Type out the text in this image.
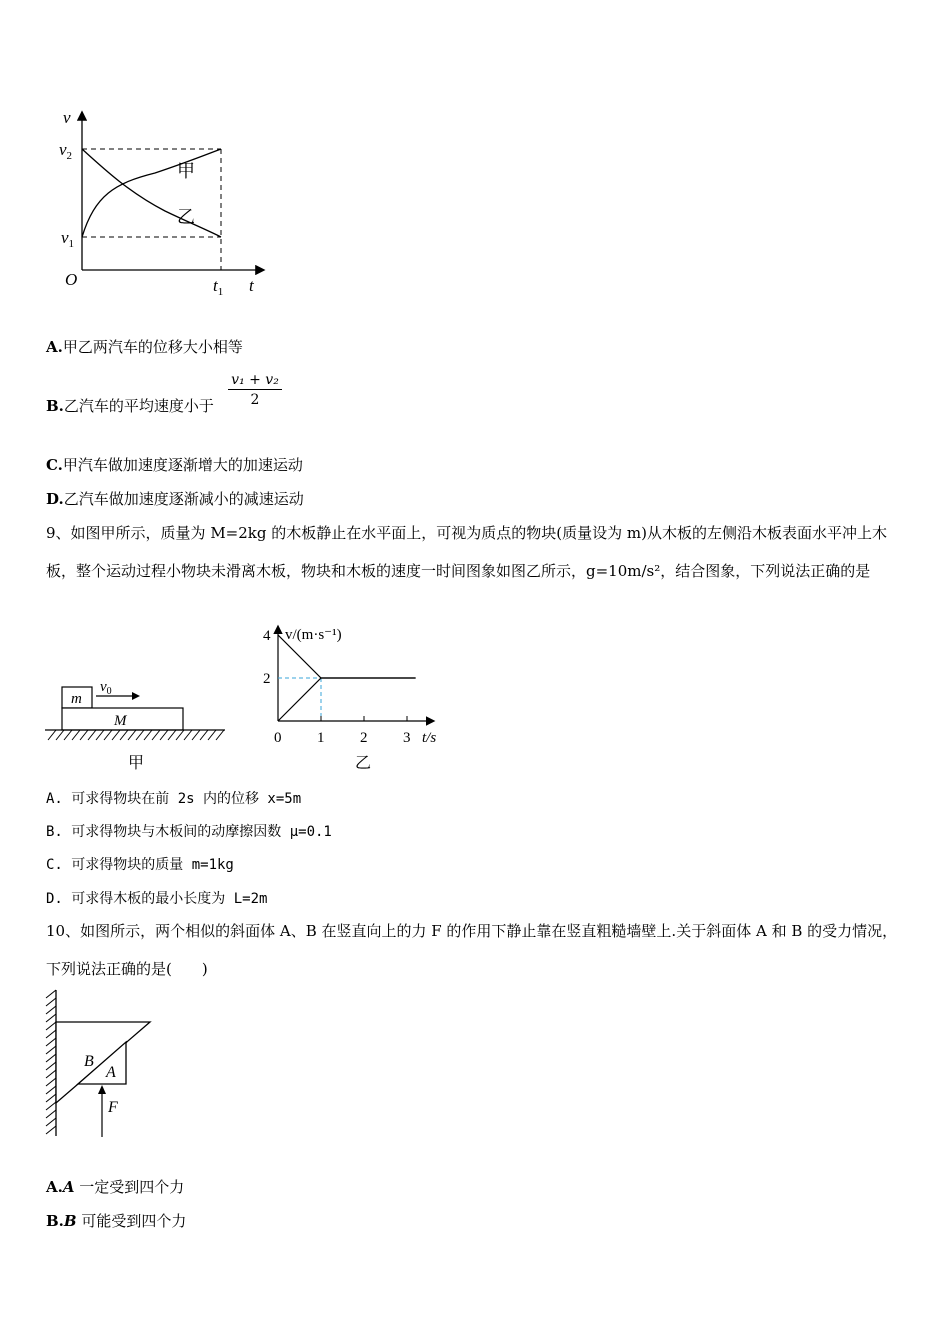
v
$v_2$
$v_1$
O	$t_1$ t
甲
乙
A.甲乙两汽车的位移大小相等
B.乙汽车的平均速度小于 $\frac{\text{v₁ + v₂}}{2}$
C.甲汽车做加速度逐渐增大的加速运动
D.乙汽车做加速度逐渐减小的减速运动
9、如图甲所示，质量为 M=2kg 的木板静止在水平面上，可视为质点的物块(质量设为 m)从木板的左侧沿木板表面水平冲上木板，整个运动过程小物块未滑离木板，物块和木板的速度一时间图象如图乙所示，g=10m/s²，结合图象，下列说法正确的是
m
M
$v_0$
甲
4
2
0 1 2 3
v/(m·s⁻¹)
t/s
乙
A. 可求得物块在前 2s 内的位移 x=5m
B. 可求得物块与木板间的动摩擦因数 μ=0.1
C. 可求得物块的质量 m=1kg
D. 可求得木板的最小长度为 L=2m
10、如图所示，两个相似的斜面体 A、B 在竖直向上的力 F 的作用下静止靠在竖直粗糙墙壁上.关于斜面体 A 和 B 的受力情况，下列说法正确的是(　　)
B
A
F
A.A 一定受到四个力
B.B 可能受到四个力
